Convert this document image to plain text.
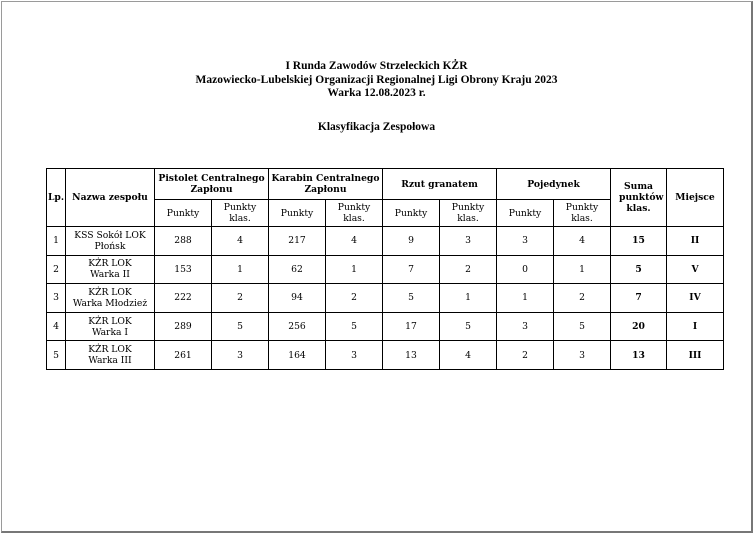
I Runda Zawodów Strzeleckich KŻR
Mazowiecko-Lubelskiej Organizacji Regionalnej Ligi Obrony Kraju 2023
Warka 12.08.2023 r.
Klasyfikacja Zespołowa
Lp.	Nazwa zespołu	Pistolet Centralnego Zapłonu		Karabin Centralnego Zapłonu		Rzut granatem		Pojedynek		Suma punktów klas.	Miejsce
		Punkty	Punkty klas.	Punkty	Punkty klas.	Punkty	Punkty klas.	Punkty	Punkty klas.		
1	KSS Sokół LOK
Płońsk	288	4	217	4	9	3	3	4	15	II
2	KŻR LOK
Warka II	153	1	62	1	7	2	0	1	5	V
3	KŻR LOK
Warka Młodzież	222	2	94	2	5	1	1	2	7	IV
4	KŻR LOK
Warka I	289	5	256	5	17	5	3	5	20	I
5	KŻR LOK
Warka III	261	3	164	3	13	4	2	3	13	III
